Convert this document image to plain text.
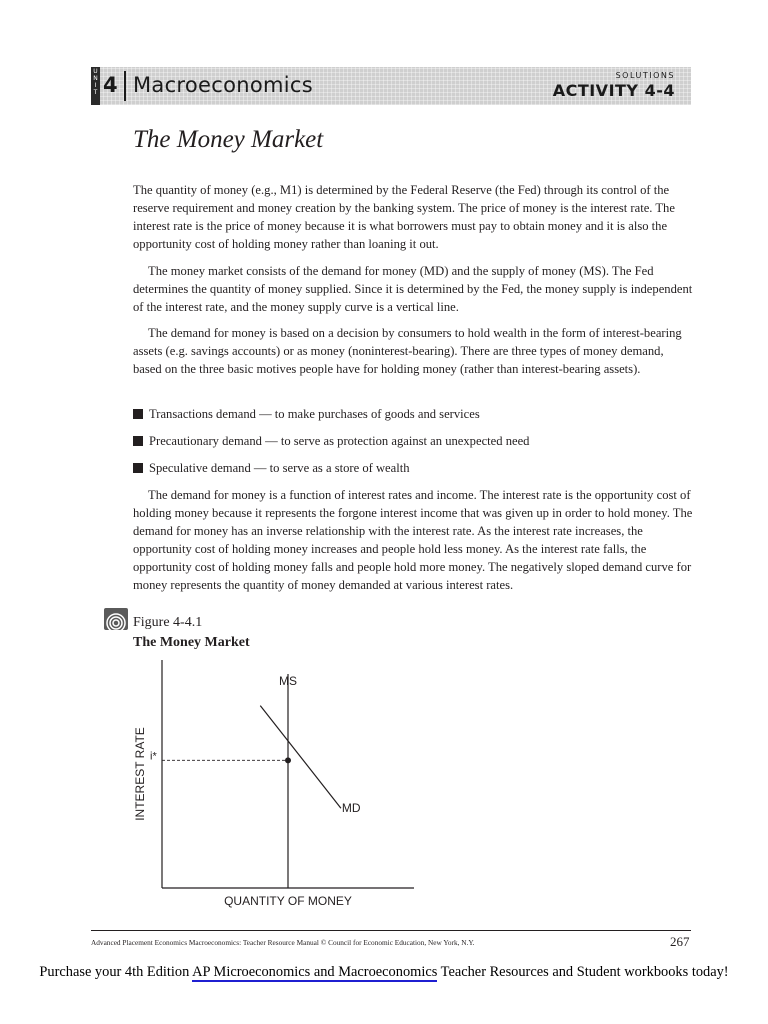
U
N
I
T 4 Macroeconomics	SOLUTIONS
ACTIVITY 4-4
The Money Market

The quantity of money (e.g., M1) is determined by the Federal Reserve (the Fed) through its control of the reserve requirement and money creation by the banking system. The price of money is the interest rate. The interest rate is the price of money because it is what borrowers must pay to obtain money and it is also the opportunity cost of holding money rather than loaning it out.

The money market consists of the demand for money (MD) and the supply of money (MS). The Fed determines the quantity of money supplied. Since it is determined by the Fed, the money supply is independent of the interest rate, and the money supply curve is a vertical line.

The demand for money is based on a decision by consumers to hold wealth in the form of interest-bearing assets (e.g. savings accounts) or as money (noninterest-bearing). There are three types of money demand, based on the three basic motives people have for holding money (rather than interest-bearing assets).

Transactions demand — to make purchases of goods and services
Precautionary demand — to serve as protection against an unexpected need
Speculative demand — to serve as a store of wealth

The demand for money is a function of interest rates and income. The interest rate is the opportunity cost of holding money because it represents the forgone interest income that was given up in order to hold money. The demand for money has an inverse relationship with the interest rate. As the interest rate increases, the opportunity cost of holding money increases and people hold less money. As the interest rate falls, the opportunity cost of holding money falls and people hold more money. The negatively sloped demand curve for money represents the quantity of money demanded at various interest rates.

Figure 4-4.1
The Money Market
MS
MD
i*
QUANTITY OF MONEY
INTEREST RATE
Advanced Placement Economics Macroeconomics: Teacher Resource Manual © Council for Economic Education, New York, N.Y.	267
Purchase your 4th Edition AP Microeconomics and Macroeconomics Teacher Resources and Student workbooks today!
